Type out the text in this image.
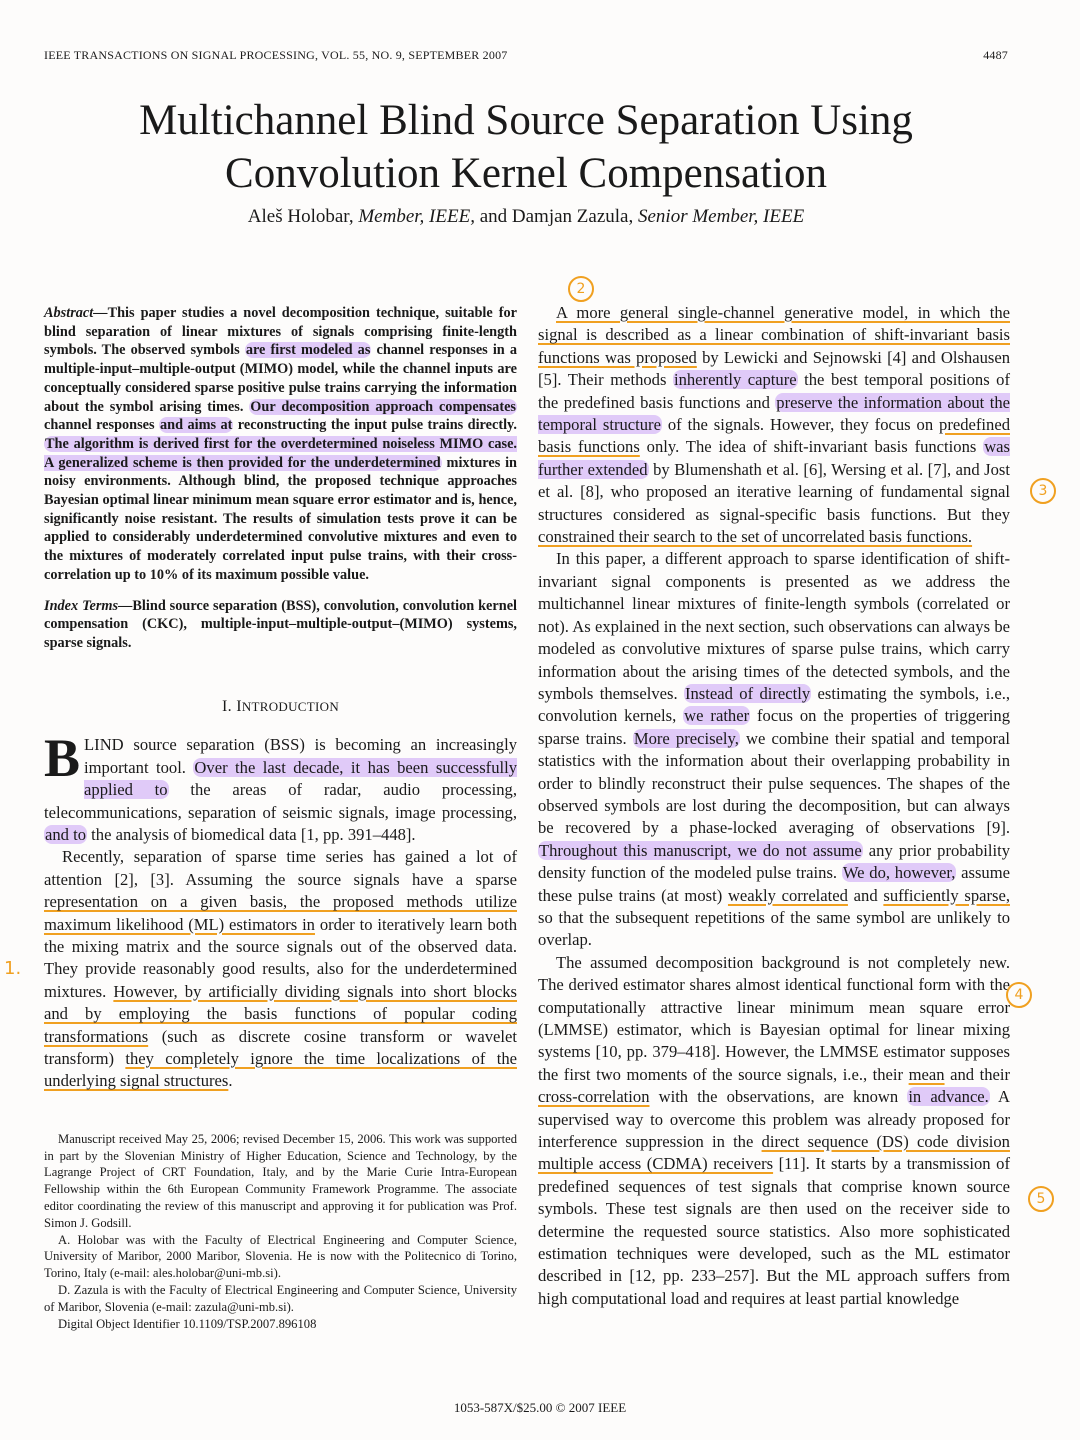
IEEE TRANSACTIONS ON SIGNAL PROCESSING, VOL. 55, NO. 9, SEPTEMBER 2007	4487
Multichannel Blind Source Separation Using
Convolution Kernel Compensation
Aleš Holobar, Member, IEEE, and Damjan Zazula, Senior Member, IEEE

Abstract—This paper studies a novel decomposition technique, suitable for blind separation of linear mixtures of signals comprising finite-length symbols. The observed symbols are first modeled as channel responses in a multiple-input–multiple-output (MIMO) model, while the channel inputs are conceptually considered sparse positive pulse trains carrying the information about the symbol arising times. Our decomposition approach compensates channel responses and aims at reconstructing the input pulse trains directly. The algorithm is derived first for the overdetermined noiseless MIMO case. A generalized scheme is then provided for the underdetermined mixtures in noisy environments. Although blind, the proposed technique approaches Bayesian optimal linear minimum mean square error estimator and is, hence, significantly noise resistant. The results of simulation tests prove it can be applied to considerably underdetermined convolutive mixtures and even to the mixtures of moderately correlated input pulse trains, with their cross-correlation up to 10% of its maximum possible value.

Index Terms—Blind source separation (BSS), convolution, convolution kernel compensation (CKC), multiple-input–multiple-output–(MIMO) systems, sparse signals.

I. INTRODUCTION

BLIND source separation (BSS) is becoming an increasingly important tool. Over the last decade, it has been successfully applied to the areas of radar, audio processing, telecommunications, separation of seismic signals, image processing, and to the analysis of biomedical data [1, pp. 391–448].

Recently, separation of sparse time series has gained a lot of attention [2], [3]. Assuming the source signals have a sparse representation on a given basis, the proposed methods utilize maximum likelihood (ML) estimators in order to iteratively learn both the mixing matrix and the source signals out of the observed data. They provide reasonably good results, also for the underdetermined mixtures. However, by artificially dividing signals into short blocks and by employing the basis functions of popular coding transformations (such as discrete cosine transform or wavelet transform) they completely ignore the time localizations of the underlying signal structures.

Manuscript received May 25, 2006; revised December 15, 2006. This work was supported in part by the Slovenian Ministry of Higher Education, Science and Technology, by the Lagrange Project of CRT Foundation, Italy, and by the Marie Curie Intra-European Fellowship within the 6th European Community Framework Programme. The associate editor coordinating the review of this manuscript and approving it for publication was Prof. Simon J. Godsill.

A. Holobar was with the Faculty of Electrical Engineering and Computer Science, University of Maribor, 2000 Maribor, Slovenia. He is now with the Politecnico di Torino, Torino, Italy (e-mail: ales.holobar@uni-mb.si).

D. Zazula is with the Faculty of Electrical Engineering and Computer Science, University of Maribor, Slovenia (e-mail: zazula@uni-mb.si).

Digital Object Identifier 10.1109/TSP.2007.896108

A more general single-channel generative model, in which the signal is described as a linear combination of shift-invariant basis functions was proposed by Lewicki and Sejnowski [4] and Olshausen [5]. Their methods inherently capture the best temporal positions of the predefined basis functions and preserve the information about the temporal structure of the signals. However, they focus on predefined basis functions only. The idea of shift-invariant basis functions was further extended by Blumenshath et al. [6], Wersing et al. [7], and Jost et al. [8], who proposed an iterative learning of fundamental signal structures considered as signal-specific basis functions. But they constrained their search to the set of uncorrelated basis functions.

In this paper, a different approach to sparse identification of shift-invariant signal components is presented as we address the multichannel linear mixtures of finite-length symbols (correlated or not). As explained in the next section, such observations can always be modeled as convolutive mixtures of sparse pulse trains, which carry information about the arising times of the detected symbols, and the symbols themselves. Instead of directly estimating the symbols, i.e., convolution kernels, we rather focus on the properties of triggering sparse trains. More precisely, we combine their spatial and temporal statistics with the information about their overlapping probability in order to blindly reconstruct their pulse sequences. The shapes of the observed symbols are lost during the decomposition, but can always be recovered by a phase-locked averaging of observations [9]. Throughout this manuscript, we do not assume any prior probability density function of the modeled pulse trains. We do, however, assume these pulse trains (at most) weakly correlated and sufficiently sparse, so that the subsequent repetitions of the same symbol are unlikely to overlap.

The assumed decomposition background is not completely new. The derived estimator shares almost identical functional form with the computationally attractive linear minimum mean square error (LMMSE) estimator, which is Bayesian optimal for linear mixing systems [10, pp. 379–418]. However, the LMMSE estimator supposes the first two moments of the source signals, i.e., their mean and their cross-correlation with the observations, are known in advance. A supervised way to overcome this problem was already proposed for interference suppression in the direct sequence (DS) code division multiple access (CDMA) receivers [11]. It starts by a transmission of predefined sequences of test signals that comprise known source symbols. These test signals are then used on the receiver side to determine the requested source statistics. Also more sophisticated estimation techniques were developed, such as the ML estimator described in [12, pp. 233–257]. But the ML approach suffers from high computational load and requires at least partial knowledge

1.
2
3
4
5
1053-587X/$25.00 © 2007 IEEE
